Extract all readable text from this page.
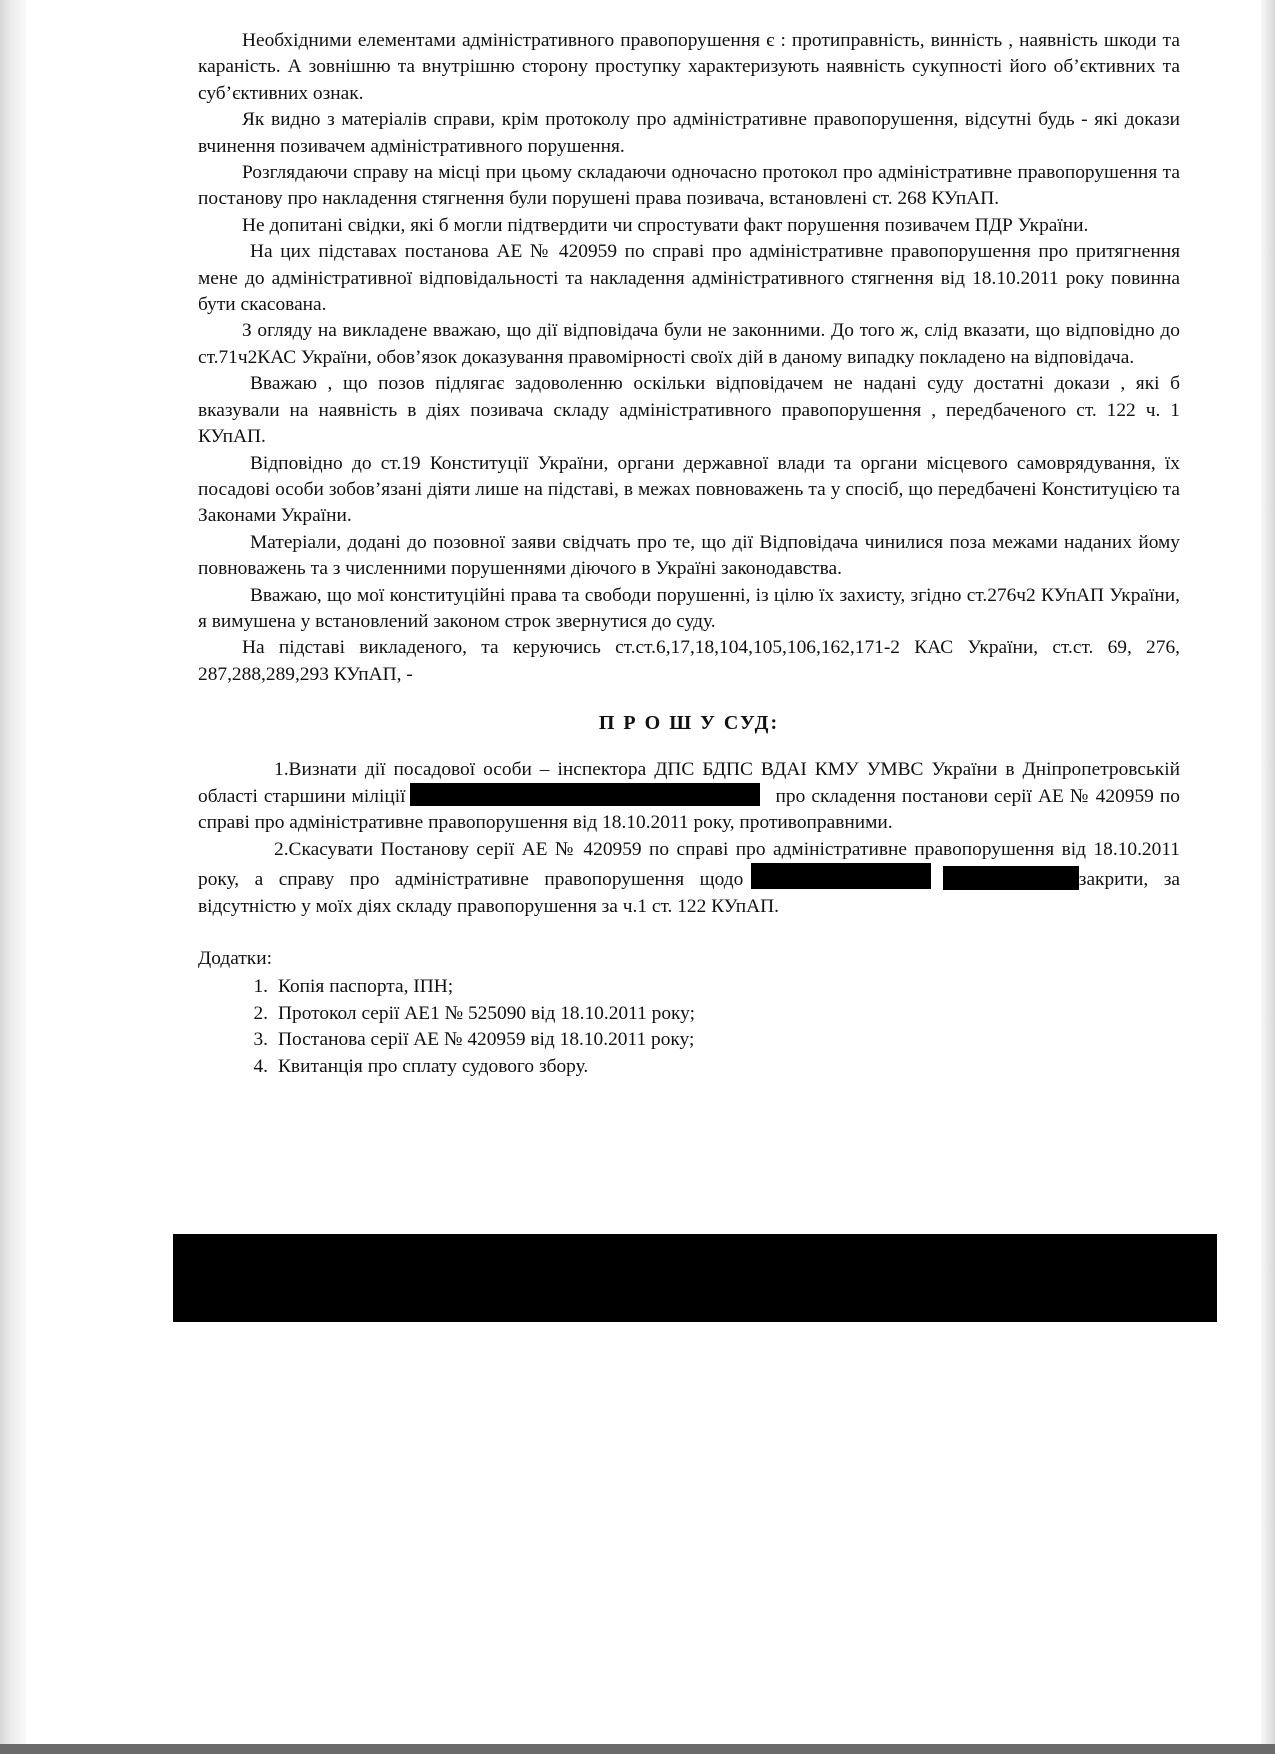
Необхідними елементами адміністративного правопорушення є : протиправність, винність , наявність шкоди та караність. А зовнішню та внутрішню сторону проступку характеризують наявність сукупності його об’єктивних та суб’єктивних ознак.

Як видно з матеріалів справи, крім протоколу про адміністративне правопорушення, відсутні будь - які докази вчинення позивачем адміністративного порушення.

Розглядаючи справу на місці при цьому складаючи одночасно протокол про адміністративне правопорушення та постанову про накладення стягнення були порушені права позивача, встановлені ст. 268 КУпАП.

Не допитані свідки, які б могли підтвердити чи спростувати факт порушення позивачем ПДР України.

На цих підставах постанова АЕ № 420959 по справі про адміністративне правопорушення про притягнення мене до адміністративної відповідальності та накладення адміністративного стягнення від 18.10.2011 року повинна бути скасована.

З огляду на викладене вважаю, що дії відповідача були не законними. До того ж, слід вказати, що відповідно до ст.71ч2КАС України, обов’язок доказування правомірності своїх дій в даному випадку покладено на відповідача.

Вважаю , що позов підлягає задоволенню оскільки відповідачем не надані суду достатні докази , які б вказували на наявність в діях позивача складу адміністративного правопорушення , передбаченого ст. 122 ч. 1 КУпАП.

Відповідно до ст.19 Конституції України, органи державної влади та органи місцевого самоврядування, їх посадові особи зобов’язані діяти лише на підставі, в межах повноважень та у спосіб, що передбачені Конституцією та Законами України.

Матеріали, додані до позовної заяви свідчать про те, що дії Відповідача чинилися поза межами наданих йому повноважень та з численними порушеннями діючого в Україні законодавства.

Вважаю, що мої конституційні права та свободи порушенні, із цілю їх захисту, згідно ст.276ч2 КУпАП України, я вимушена у встановлений законом строк звернутися до суду.

На підставі викладеного, та керуючись ст.ст.6,17,18,104,105,106,162,171-2 КАС України, ст.ст. 69, 276, 287,288,289,293 КУпАП, -

П Р О Ш У СУД:

1.Визнати дії посадової особи – інспектора ДПС БДПС ВДАІ КМУ УМВС України в Дніпропетровській області старшини міліції	про складення постанови серії АЕ № 420959 по справі про адміністративне правопорушення від 18.10.2011 року, противоправними.

2.Скасувати Постанову серії АЕ № 420959 по справі про адміністративне правопорушення від 18.10.2011 року, а справу про адміністративне правопорушення щодо	закрити, за відсутністю у моїх діях складу правопорушення за ч.1 ст. 122 КУпАП.

Додатки:
1. Копія паспорта, ІПН;
2. Протокол серії АЕ1 № 525090 від 18.10.2011 року;
3. Постанова серії АЕ № 420959 від 18.10.2011 року;
4. Квитанція про сплату судового збору.
